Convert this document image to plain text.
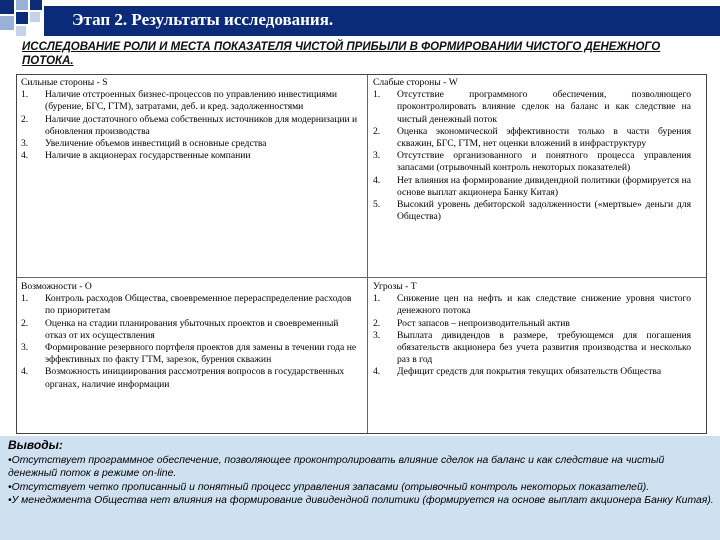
Этап 2. Результаты исследования.
ИССЛЕДОВАНИЕ РОЛИ И МЕСТА ПОКАЗАТЕЛЯ ЧИСТОЙ ПРИБЫЛИ В ФОРМИРОВАНИИ ЧИСТОГО ДЕНЕЖНОГО ПОТОКА.
Сильные стороны - S
1. Наличие отстроенных бизнес-процессов по управлению инвестициями (бурение, БГС, ГТМ), затратами, деб. и кред. задолженностями
2. Наличие достаточного объема собственных источников для модернизации и обновления производства
3. Увеличение объемов инвестиций в основные средства
4. Наличие в акционерах государственные компании
Слабые стороны - W
1. Отсутствие программного обеспечения, позволяющего проконтролировать влияние сделок на баланс и как следствие на чистый денежный поток
2. Оценка экономической эффективности только в части бурения скважин, БГС, ГТМ, нет оценки вложений в инфраструктуру
3. Отсутствие организованного и понятного процесса управления запасами (отрывочный контроль некоторых показателей)
4. Нет влияния на формирование дивидендной политики (формируется на основе выплат акционера Банку Китая)
5. Высокий уровень дебиторской задолженности («мертвые» деньги для Общества)
Возможности - О
1. Контроль расходов Общества, своевременное перераспределение расходов по приоритетам
2. Оценка на стадии планирования убыточных проектов и своевременный отказ от их осуществления
3. Формирование резервного портфеля проектов для замены в течении года не эффективных по факту ГТМ, зарезок, бурения скважин
4. Возможность инициирования рассмотрения вопросов в государственных органах, наличие информации
Угрозы - Т
1. Снижение цен на нефть и как следствие снижение уровня чистого денежного потока
2. Рост запасов – непроизводительный актив
3. Выплата дивидендов в размере, требующемся для погашения обязательств акционера без учета развития производства и несколько раз в год
4. Дефицит средств для покрытия текущих обязательств Общества
Выводы:
•Отсутствует программное обеспечение, позволяющее проконтролировать влияние сделок на баланс и как следствие на чистый денежный поток в режиме on-line.
•Отсутствует четко прописанный и понятный процесс управления запасами (отрывочный контроль некоторых показателей).
•У менеджмента Общества нет влияния на формирование дивидендной политики (формируется на основе выплат акционера Банку Китая).
